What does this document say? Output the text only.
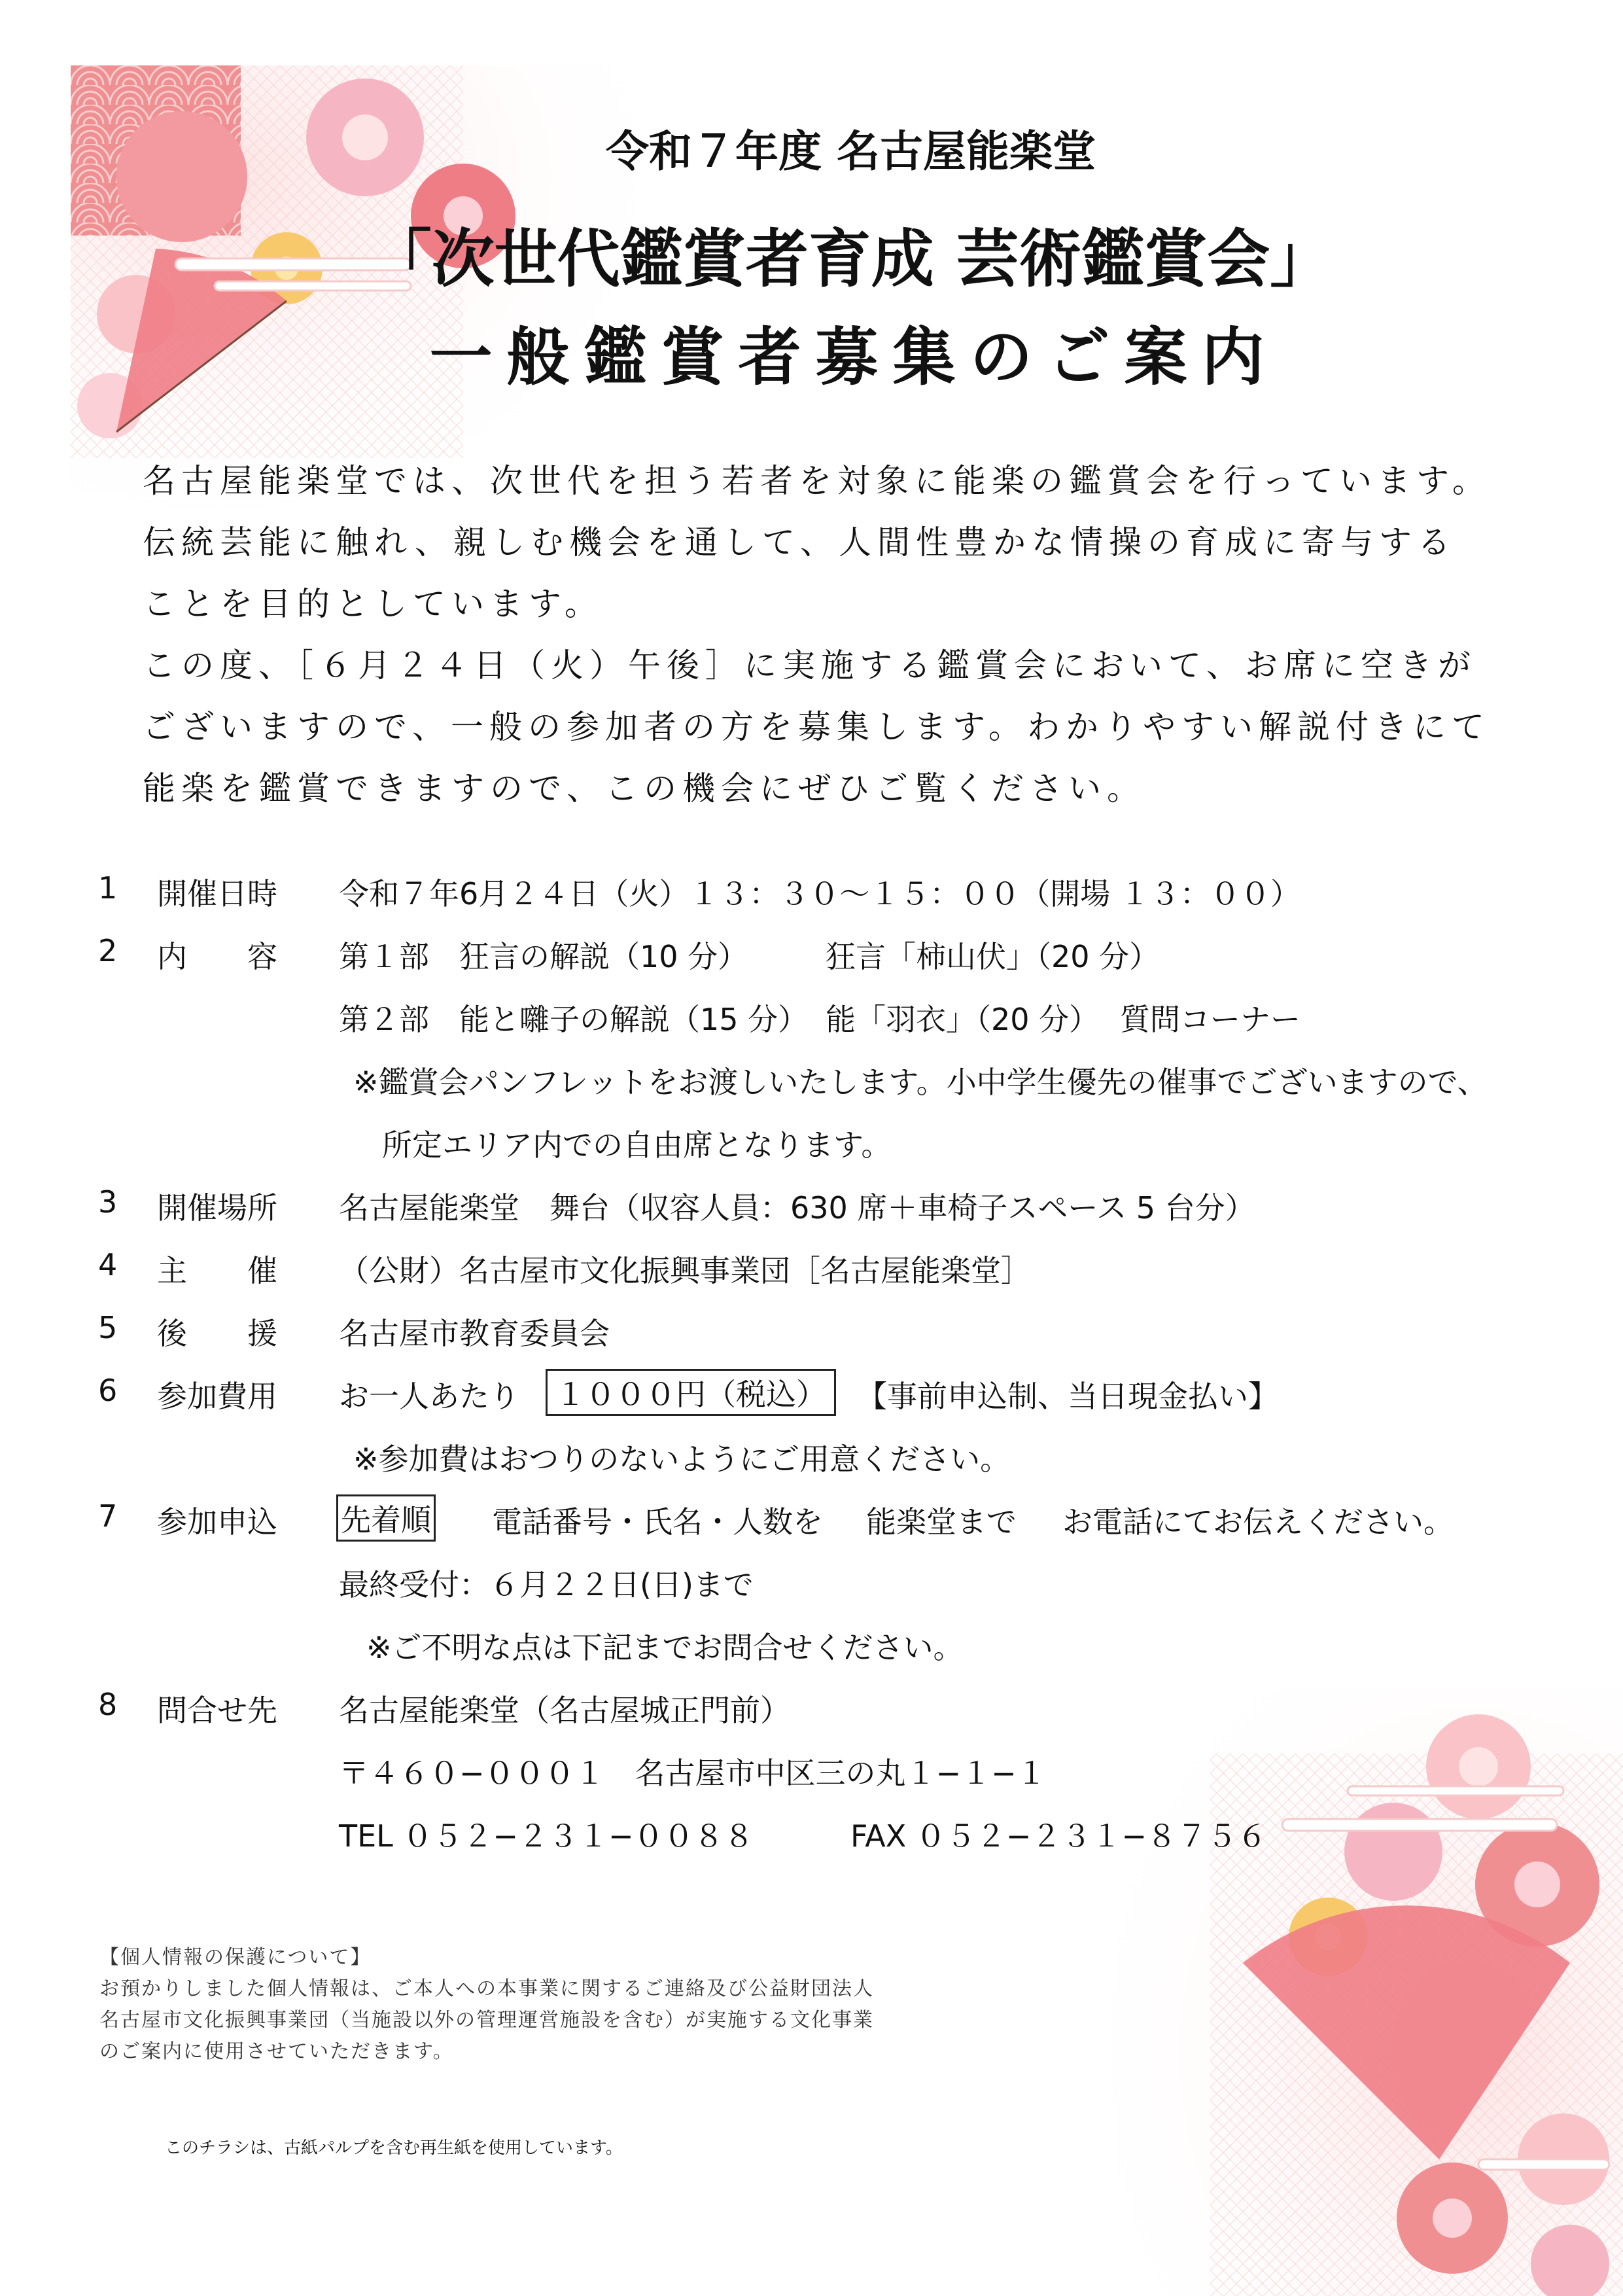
令和７年度 名古屋能楽堂
「次世代鑑賞者育成 芸術鑑賞会」
一般鑑賞者募集のご案内
名古屋能楽堂では、次世代を担う若者を対象に能楽の鑑賞会を行っています。
伝統芸能に触れ、親しむ機会を通して、人間性豊かな情操の育成に寄与する
ことを目的としています。
この度、［６月２４日（火）午後］に実施する鑑賞会において、お席に空きが
ございますので、一般の参加者の方を募集します。わかりやすい解説付きにて
能楽を鑑賞できますので、この機会にぜひご覧ください。
1 開催日時 令和７年6月２４日（火）１３：３０〜１５：００（開場 １３：００）
2 内　　容 第１部　狂言の解説（10 分）	狂言「柿山伏」（20 分）
第２部　能と囃子の解説（15 分） 能「羽衣」（20 分） 質問コーナー
※鑑賞会パンフレットをお渡しいたします。小中学生優先の催事でございますので、
所定エリア内での自由席となります。
3 開催場所 名古屋能楽堂　舞台（収容人員：630 席＋車椅子スペース 5 台分）
4 主　　催 （公財）名古屋市文化振興事業団［名古屋能楽堂］
5 後　　援 名古屋市教育委員会
6 参加費用 お一人あたり	１０００円（税込）	【事前申込制、当日現金払い】
※参加費はおつりのないようにご用意ください。
7 参加申込 先着順 電話番号・氏名・人数を 能楽堂まで お電話にてお伝えください。
最終受付：６月２２日(日)まで
※ご不明な点は下記までお問合せください。
8 問合せ先 名古屋能楽堂（名古屋城正門前）
〒４６０−０００１　名古屋市中区三の丸１−１−１
TEL ０５２−２３１−００８８	FAX ０５２−２３１−８７５６
【個人情報の保護について】
お預かりしました個人情報は、ご本人への本事業に関するご連絡及び公益財団法人
名古屋市文化振興事業団（当施設以外の管理運営施設を含む）が実施する文化事業
のご案内に使用させていただきます。
このチラシは、古紙パルプを含む再生紙を使用しています。
